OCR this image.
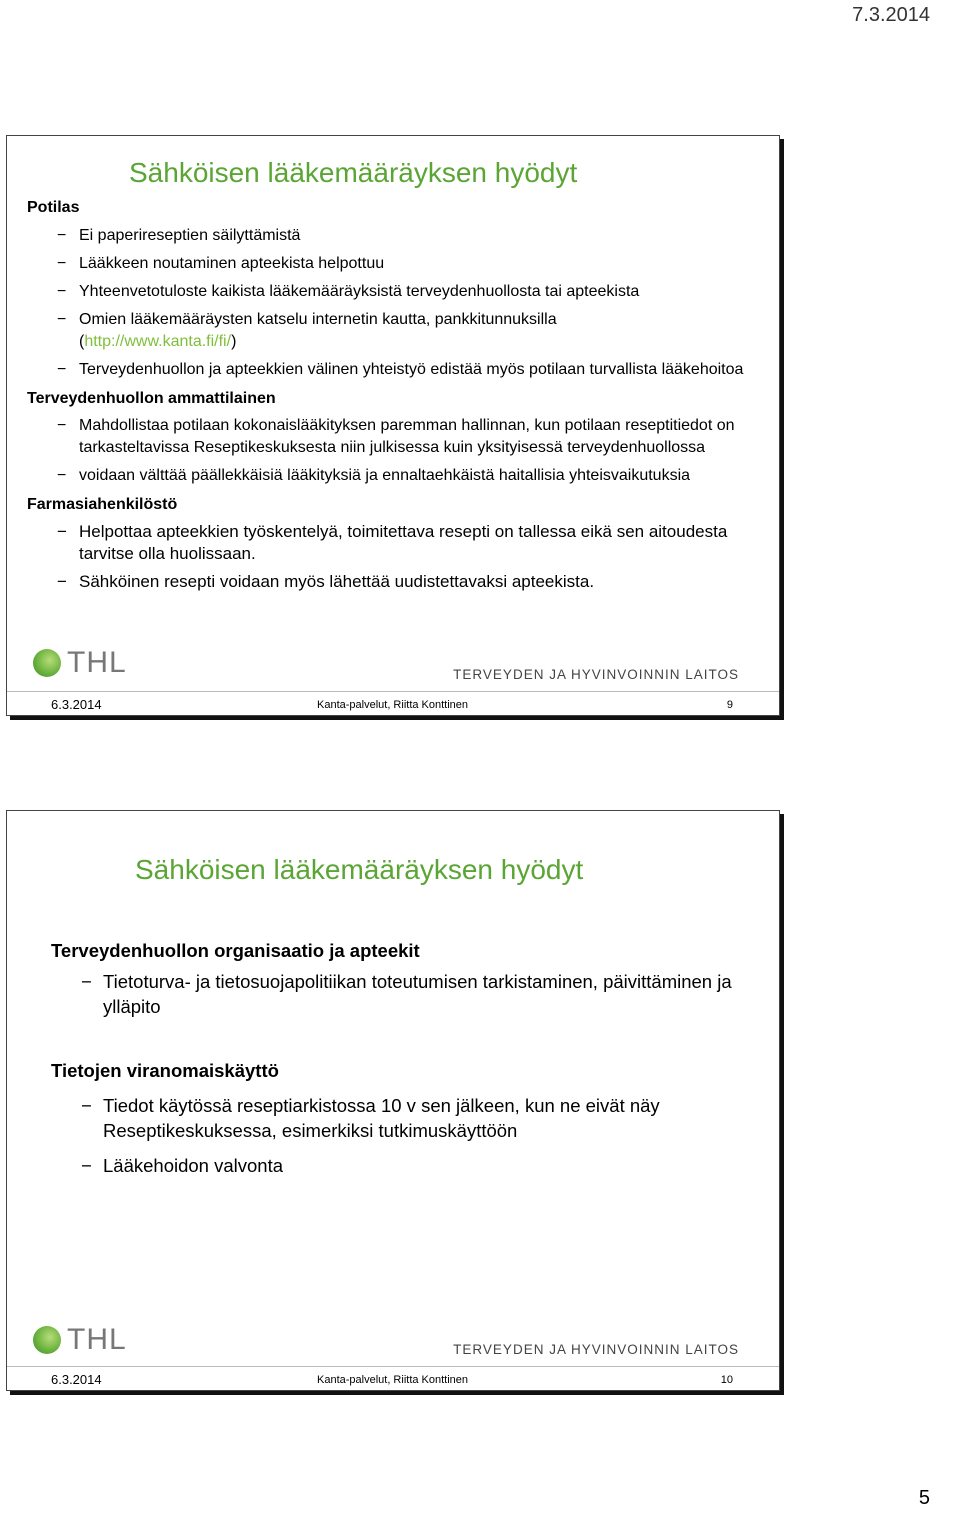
7.3.2014
Sähköisen lääkemääräyksen hyödyt
Potilas
− Ei paperireseptien säilyttämistä
− Lääkkeen noutaminen apteekista helpottuu
− Yhteenvetotuloste kaikista lääkemääräyksistä terveydenhuollosta tai apteekista
− Omien lääkemääräysten katselu internetin kautta, pankkitunnuksilla
(http://www.kanta.fi/fi/)
− Terveydenhuollon ja apteekkien välinen yhteistyö edistää myös potilaan turvallista lääkehoitoa
Terveydenhuollon ammattilainen
− Mahdollistaa potilaan kokonaislääkityksen paremman hallinnan, kun potilaan reseptitiedot on tarkasteltavissa Reseptikeskuksesta niin julkisessa kuin yksityisessä terveydenhuollossa
− voidaan välttää päällekkäisiä lääkityksiä ja ennaltaehkäistä haitallisia yhteisvaikutuksia
Farmasiahenkilöstö
− Helpottaa apteekkien työskentelyä, toimitettava resepti on tallessa eikä sen aitoudesta tarvitse olla huolissaan.
− Sähköinen resepti voidaan myös lähettää uudistettavaksi apteekista.
THL	TERVEYDEN JA HYVINVOINNIN LAITOS
6.3.2014	Kanta-palvelut, Riitta Konttinen	9
Sähköisen lääkemääräyksen hyödyt
Terveydenhuollon organisaatio ja apteekit
− Tietoturva- ja tietosuojapolitiikan toteutumisen tarkistaminen, päivittäminen ja ylläpito
Tietojen viranomaiskäyttö
− Tiedot käytössä reseptiarkistossa 10 v sen jälkeen, kun ne eivät näy Reseptikeskuksessa, esimerkiksi tutkimuskäyttöön
− Lääkehoidon valvonta
THL	TERVEYDEN JA HYVINVOINNIN LAITOS
6.3.2014	Kanta-palvelut, Riitta Konttinen	10
5
